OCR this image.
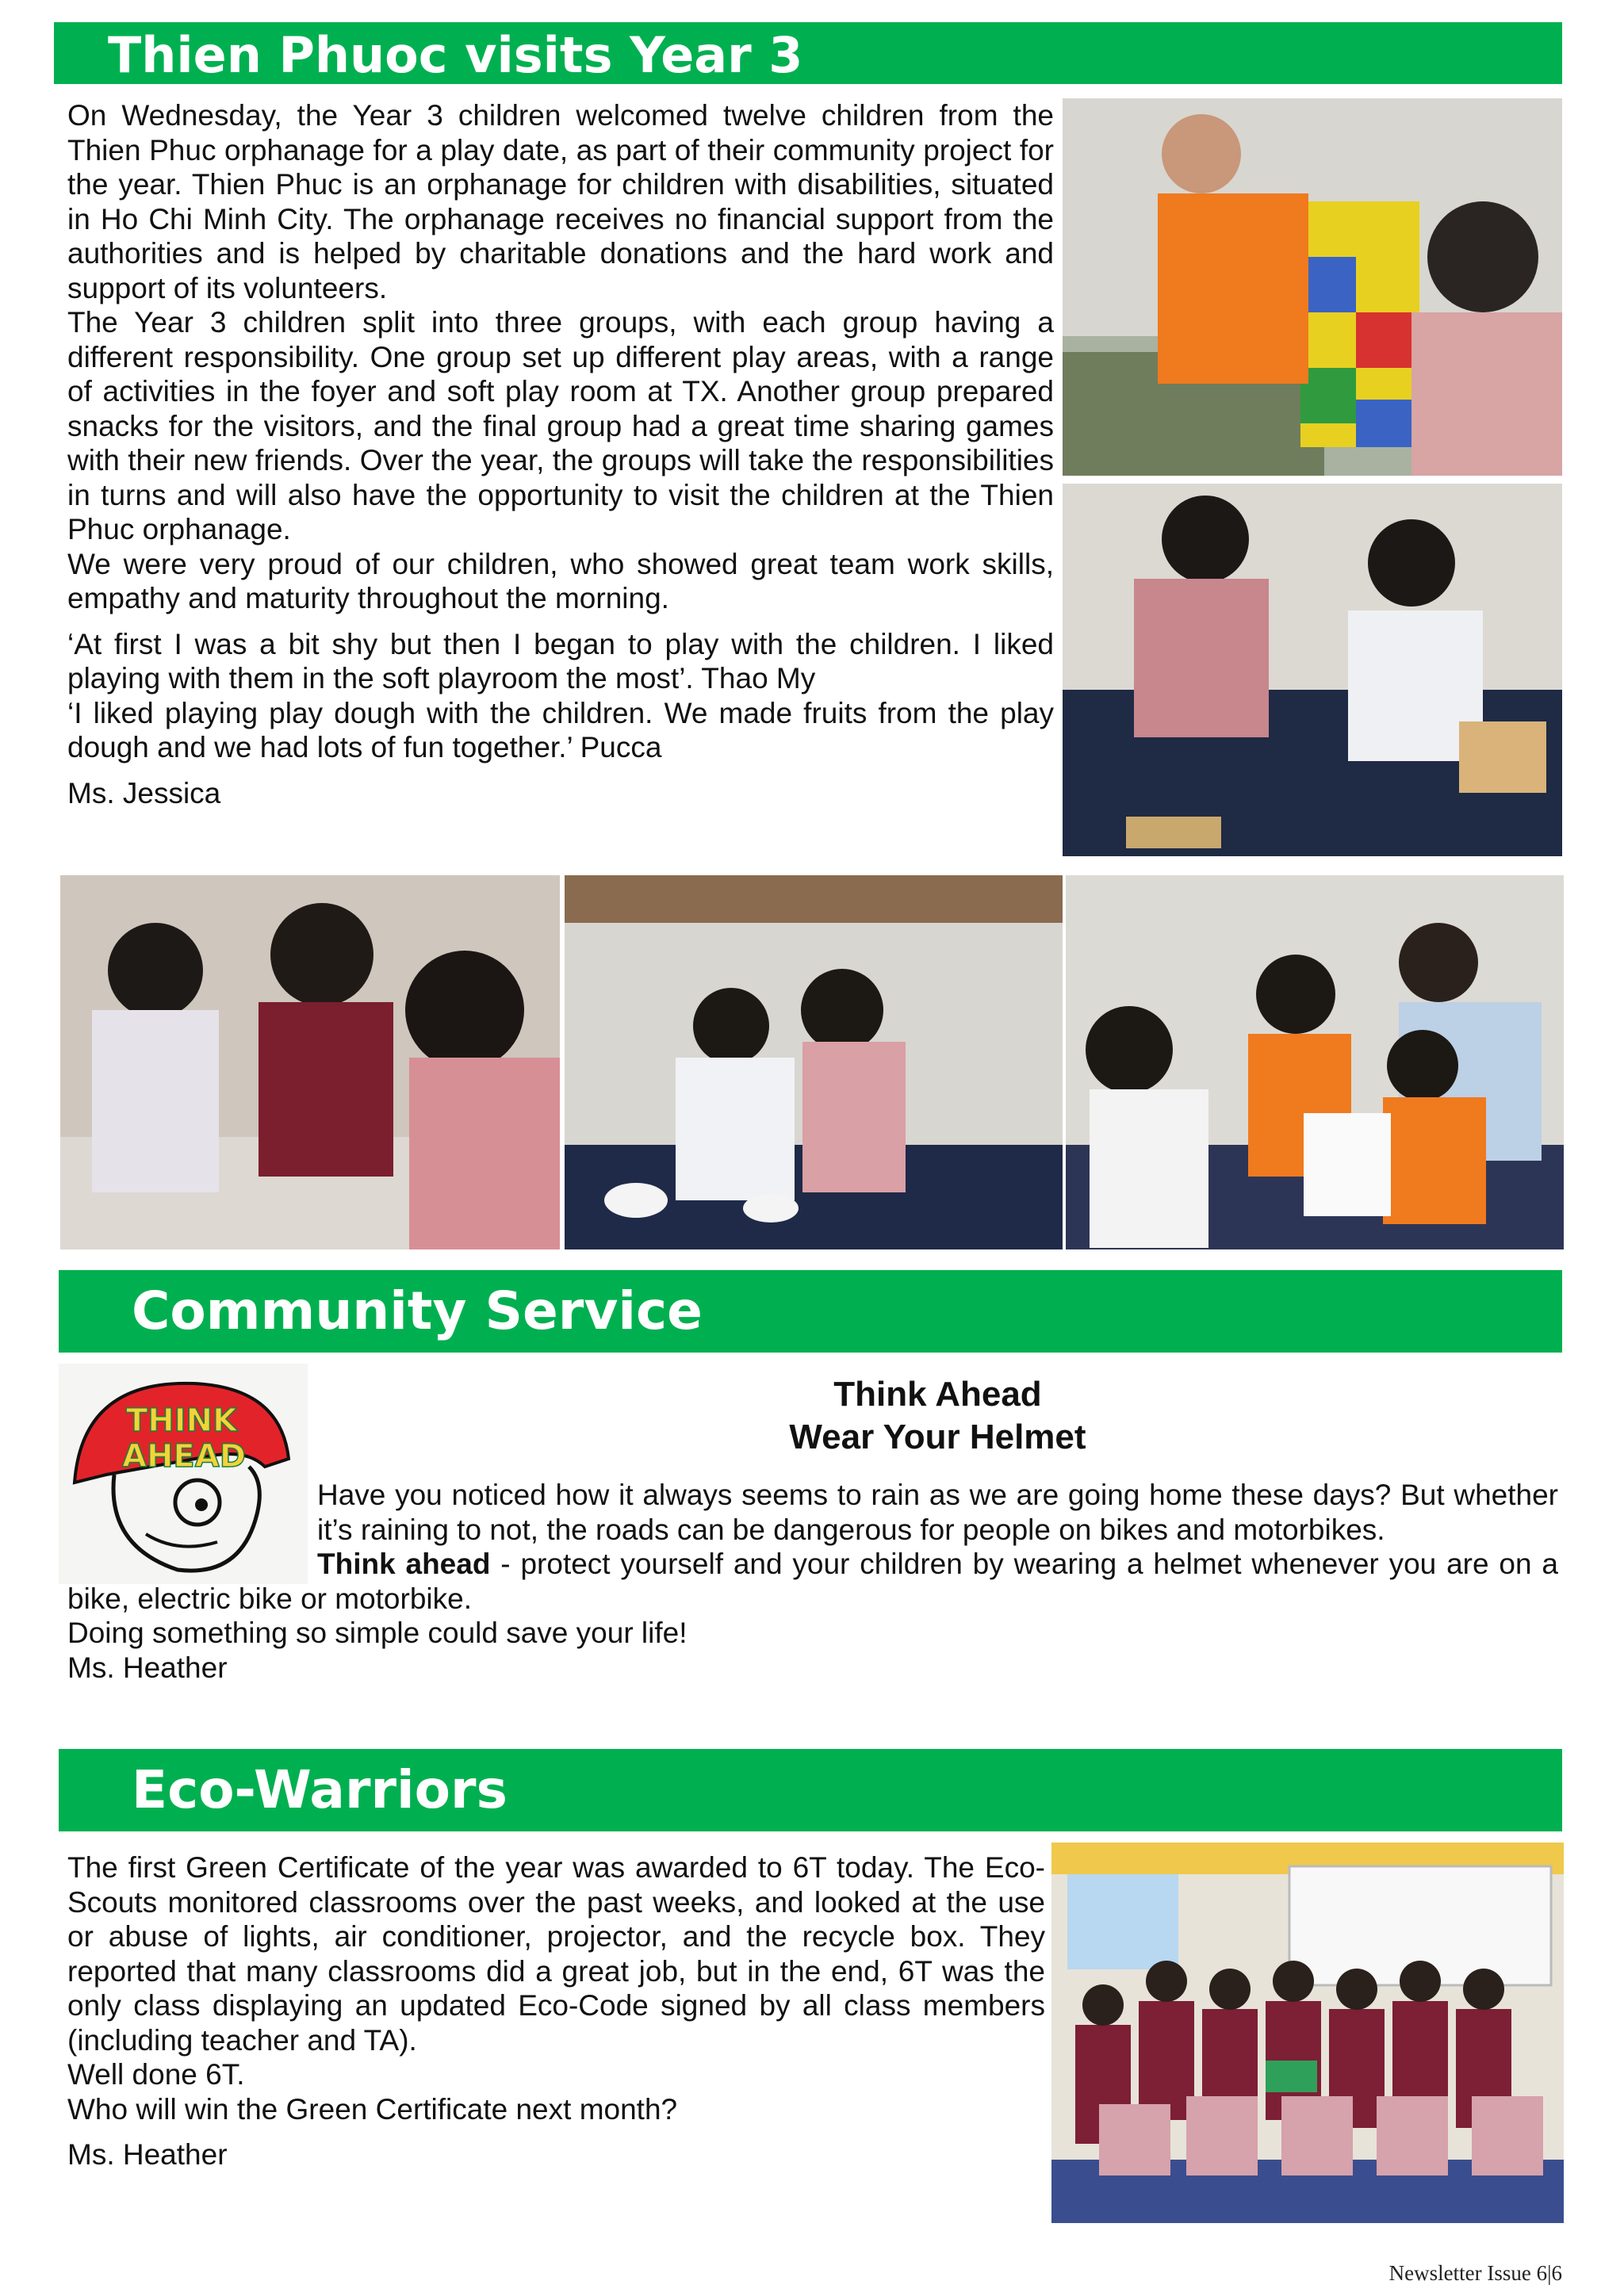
Thien Phuoc visits Year 3

On Wednesday, the Year 3 children welcomed twelve children from the Thien Phuc orphanage for a play date, as part of their community project for the year. Thien Phuc is an orphanage for children with disabilities, situated in Ho Chi Minh City. The orphanage receives no financial support from the authorities and is helped by charitable donations and the hard work and support of its volunteers.

The Year 3 children split into three groups, with each group having a different responsibility. One group set up different play areas, with a range of activities in the foyer and soft play room at TX. Another group prepared snacks for the visitors, and the final group had a great time sharing games with their new friends. Over the year, the groups will take the responsibilities in turns and will also have the opportunity to visit the children at the Thien Phuc orphanage.

We were very proud of our children, who showed great team work skills, empathy and maturity throughout the morning.

‘At first I was a bit shy but then I began to play with the children. I liked playing with them in the soft playroom the most’. Thao My

‘I liked playing play dough with the children. We made fruits from the play dough and we had lots of fun together.’ Pucca

Ms. Jessica

Community Service
THINK
AHEAD

Think Ahead

Wear Your Helmet

Have you noticed how it always seems to rain as we are going home these days? But whether it’s raining to not, the roads can be dangerous for people on bikes and motorbikes.

Think ahead - protect yourself and your children by wearing a helmet whenever you are on a bike, electric bike or motorbike.

Doing something so simple could save your life!

Ms. Heather

Eco-Warriors

The first Green Certificate of the year was awarded to 6T today. The Eco-Scouts monitored classrooms over the past weeks, and looked at the use or abuse of lights, air conditioner, projector, and the recycle box. They reported that many classrooms did a great job, but in the end, 6T was the only class displaying an updated Eco-Code signed by all class members (including teacher and TA).

Well done 6T.

Who will win the Green Certificate next month?

Ms. Heather

Newsletter Issue 6|6
